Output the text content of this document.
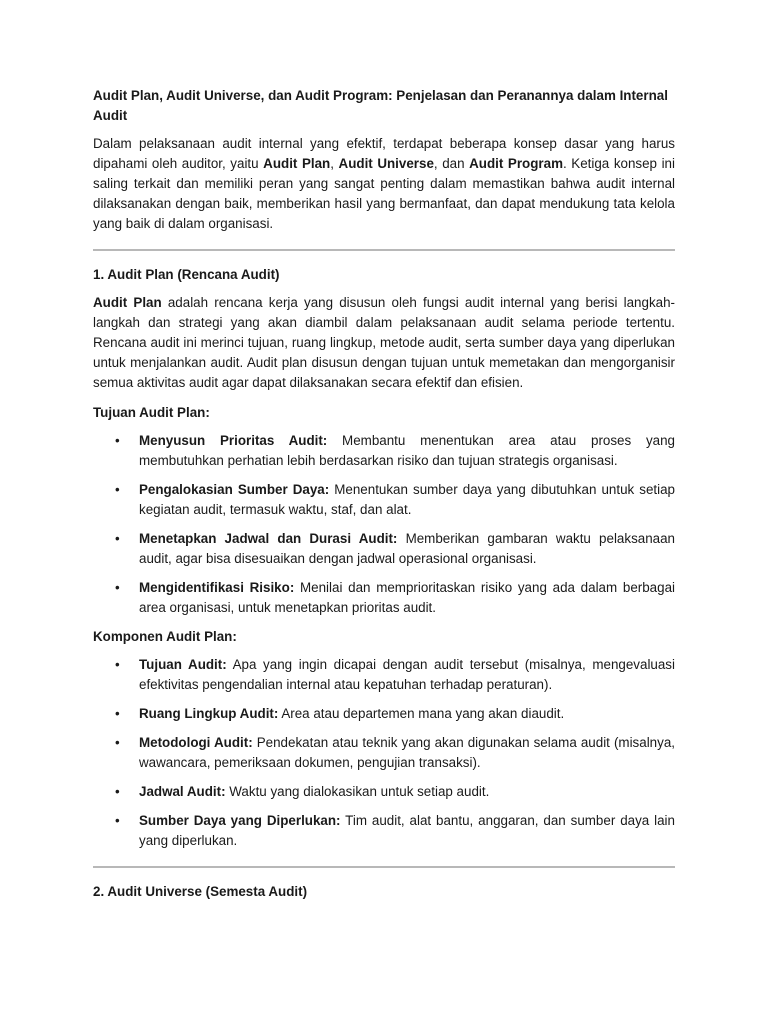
Audit Plan, Audit Universe, dan Audit Program: Penjelasan dan Peranannya dalam Internal Audit

Dalam pelaksanaan audit internal yang efektif, terdapat beberapa konsep dasar yang harus dipahami oleh auditor, yaitu Audit Plan, Audit Universe, dan Audit Program. Ketiga konsep ini saling terkait dan memiliki peran yang sangat penting dalam memastikan bahwa audit internal dilaksanakan dengan baik, memberikan hasil yang bermanfaat, dan dapat mendukung tata kelola yang baik di dalam organisasi.

1. Audit Plan (Rencana Audit)

Audit Plan adalah rencana kerja yang disusun oleh fungsi audit internal yang berisi langkah-langkah dan strategi yang akan diambil dalam pelaksanaan audit selama periode tertentu. Rencana audit ini merinci tujuan, ruang lingkup, metode audit, serta sumber daya yang diperlukan untuk menjalankan audit. Audit plan disusun dengan tujuan untuk memetakan dan mengorganisir semua aktivitas audit agar dapat dilaksanakan secara efektif dan efisien.

Tujuan Audit Plan:
• Menyusun Prioritas Audit: Membantu menentukan area atau proses yang membutuhkan perhatian lebih berdasarkan risiko dan tujuan strategis organisasi.
• Pengalokasian Sumber Daya: Menentukan sumber daya yang dibutuhkan untuk setiap kegiatan audit, termasuk waktu, staf, dan alat.
• Menetapkan Jadwal dan Durasi Audit: Memberikan gambaran waktu pelaksanaan audit, agar bisa disesuaikan dengan jadwal operasional organisasi.
• Mengidentifikasi Risiko: Menilai dan memprioritaskan risiko yang ada dalam berbagai area organisasi, untuk menetapkan prioritas audit.
Komponen Audit Plan:
• Tujuan Audit: Apa yang ingin dicapai dengan audit tersebut (misalnya, mengevaluasi efektivitas pengendalian internal atau kepatuhan terhadap peraturan).
• Ruang Lingkup Audit: Area atau departemen mana yang akan diaudit.
• Metodologi Audit: Pendekatan atau teknik yang akan digunakan selama audit (misalnya, wawancara, pemeriksaan dokumen, pengujian transaksi).
• Jadwal Audit: Waktu yang dialokasikan untuk setiap audit.
• Sumber Daya yang Diperlukan: Tim audit, alat bantu, anggaran, dan sumber daya lain yang diperlukan.
2. Audit Universe (Semesta Audit)
